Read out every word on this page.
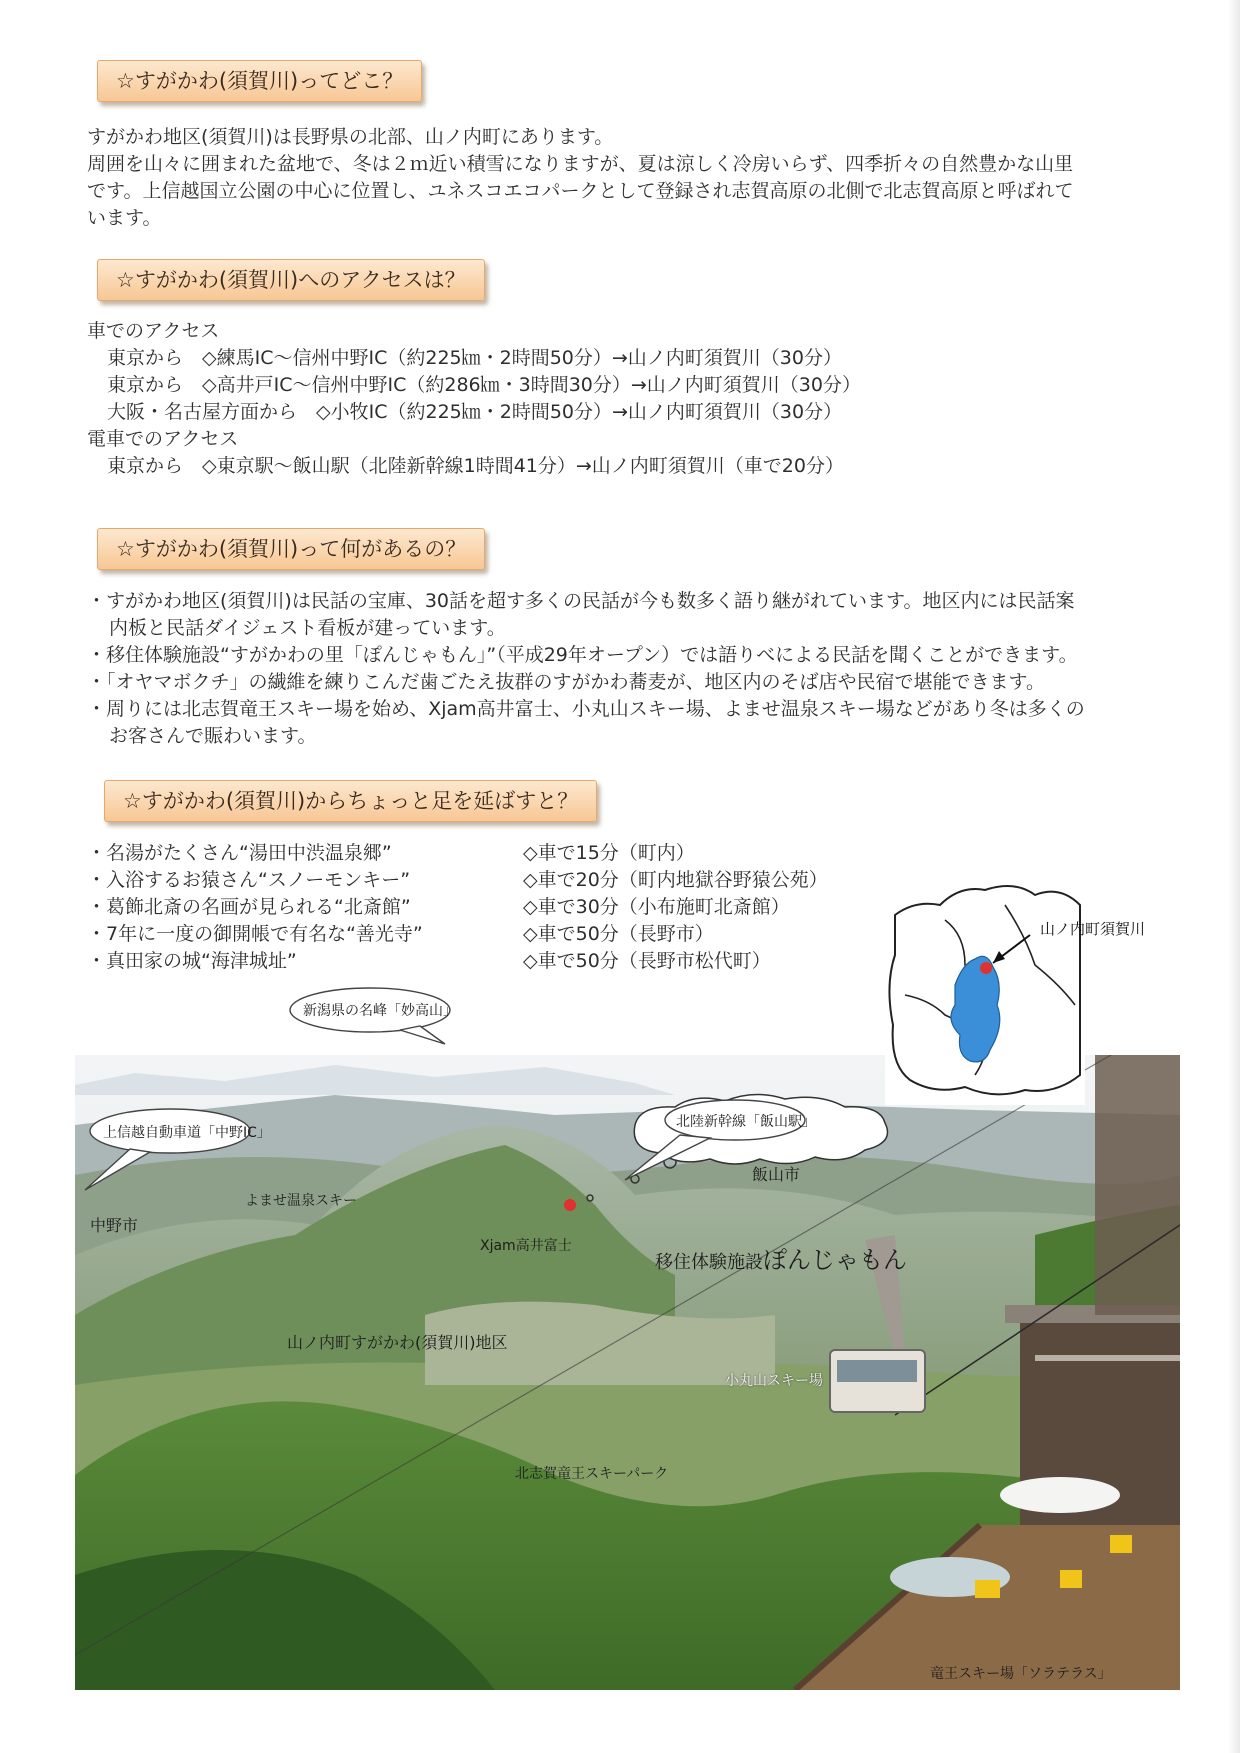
☆すがかわ(須賀川)ってどこ？
すがかわ地区(須賀川)は長野県の北部、山ノ内町にあります。
周囲を山々に囲まれた盆地で、冬は２ｍ近い積雪になりますが、夏は涼しく冷房いらず、四季折々の自然豊かな山里
です。上信越国立公園の中心に位置し、ユネスコエコパークとして登録され志賀高原の北側で北志賀高原と呼ばれて
います。
☆すがかわ(須賀川)へのアクセスは？
車でのアクセス
東京から　◇練馬IC～信州中野IC（約225㎞・2時間50分）→山ノ内町須賀川（30分）
東京から　◇高井戸IC～信州中野IC（約286㎞・3時間30分）→山ノ内町須賀川（30分）
大阪・名古屋方面から　◇小牧IC（約225㎞・2時間50分）→山ノ内町須賀川（30分）
電車でのアクセス
東京から　◇東京駅～飯山駅（北陸新幹線1時間41分）→山ノ内町須賀川（車で20分）
☆すがかわ(須賀川)って何があるの？
・すがかわ地区(須賀川)は民話の宝庫、30話を超す多くの民話が今も数多く語り継がれています。地区内には民話案
内板と民話ダイジェスト看板が建っています。
・移住体験施設“すがかわの里「ぽんじゃもん」”（平成29年オープン）では語りべによる民話を聞くことができます。
・「オヤマボクチ」の繊維を練りこんだ歯ごたえ抜群のすがかわ蕎麦が、地区内のそば店や民宿で堪能できます。
・周りには北志賀竜王スキー場を始め、Xjam高井富士、小丸山スキー場、よませ温泉スキー場などがあり冬は多くの
お客さんで賑わいます。
☆すがかわ(須賀川)からちょっと足を延ばすと？
・名湯がたくさん“湯田中渋温泉郷”
・入浴するお猿さん“スノーモンキー”
・葛飾北斎の名画が見られる“北斎館”
・7年に一度の御開帳で有名な“善光寺”
・真田家の城“海津城址”
◇車で15分（町内）
◇車で20分（町内地獄谷野猿公苑）
◇車で30分（小布施町北斎館）
◇車で50分（長野市）
◇車で50分（長野市松代町）
新潟県の名峰「妙高山」
上信越自動車道「中野IC」
北陸新幹線「飯山駅」
飯山市
中野市
よませ温泉スキー
Xjam高井富士
移住体験施設ぽんじゃもん
山ノ内町すがかわ(須賀川)地区
小丸山スキー場
北志賀竜王スキーパーク
竜王スキー場「ソラテラス」
山ノ内町須賀川
